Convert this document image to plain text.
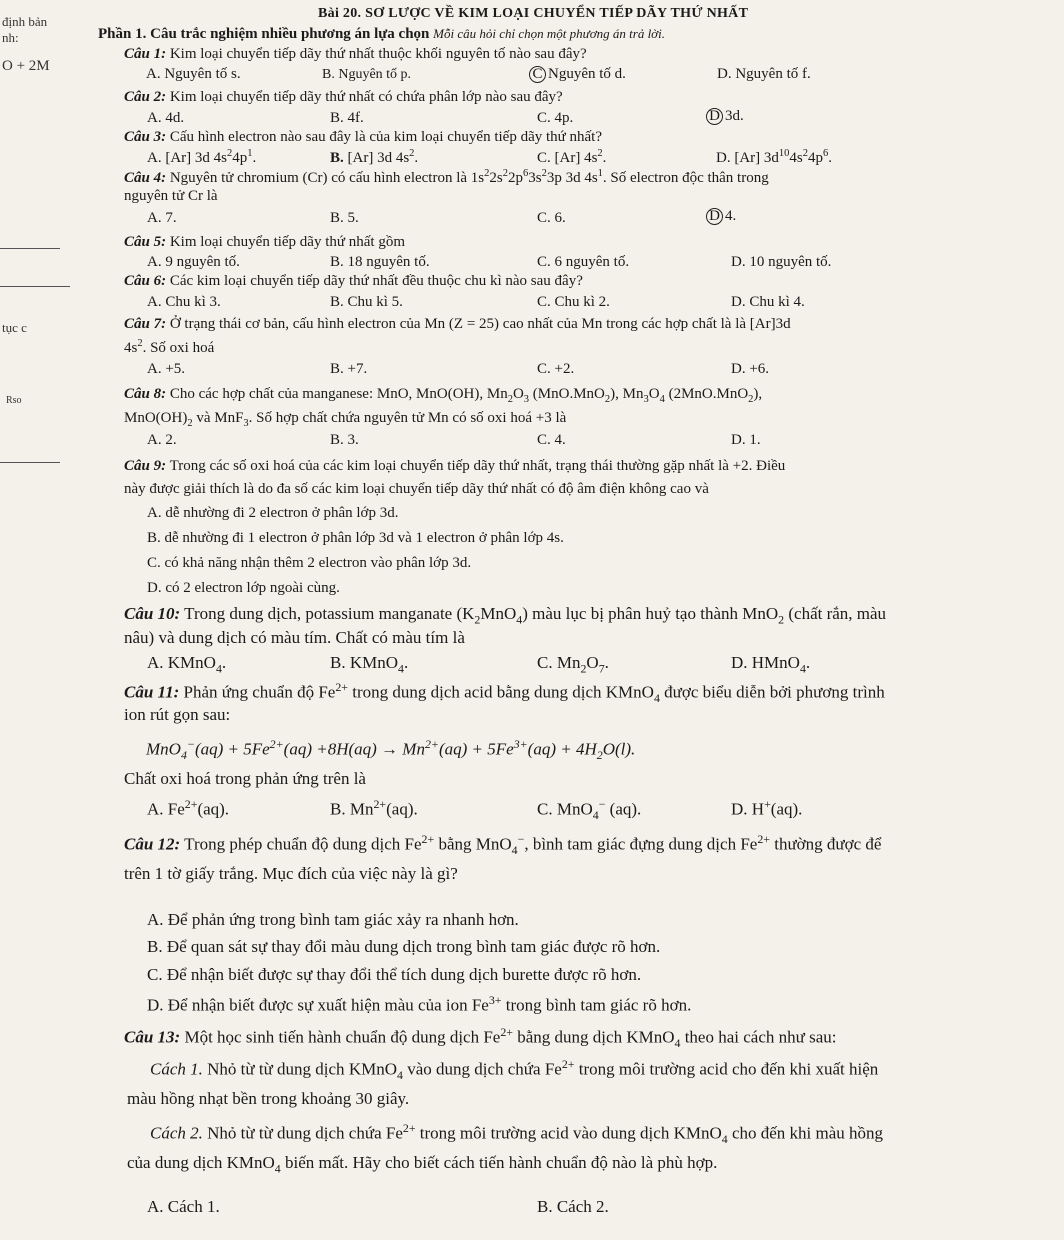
Bài 20. SƠ LƯỢC VỀ KIM LOẠI CHUYỂN TIẾP DÃY THỨ NHẤT
định bản
nh:
O + 2M
tục c
Rso
Phần 1. Câu trắc nghiệm nhiều phương án lựa chọn Mỗi câu hỏi chỉ chọn một phương án trả lời.
Câu 1: Kim loại chuyển tiếp dãy thứ nhất thuộc khối nguyên tố nào sau đây?
A. Nguyên tố s.	B. Nguyên tố p.	C Nguyên tố d.	D. Nguyên tố f.
Câu 2: Kim loại chuyển tiếp dãy thứ nhất có chứa phân lớp nào sau đây?
A. 4d.	B. 4f.	C. 4p.	D 3d.
Câu 3: Cấu hình electron nào sau đây là của kim loại chuyển tiếp dãy thứ nhất?
A. [Ar] 3d $4s^24p^1$.	B. [Ar] 3d $4s^2$.	C. [Ar] $4s^2$.	D. [Ar] $3d^{10}4s^24p^6$.
Câu 4: Nguyên tử chromium (Cr) có cấu hình electron là $1s^22s^22p^63s^23p$ 3d $4s^1$. Số electron độc thân trong
nguyên tử Cr là
A. 7.	B. 5.	C. 6.	D 4.
Câu 5: Kim loại chuyển tiếp dãy thứ nhất gồm
A. 9 nguyên tố.	B. 18 nguyên tố.	C. 6 nguyên tố.	D. 10 nguyên tố.
Câu 6: Các kim loại chuyển tiếp dãy thứ nhất đều thuộc chu kì nào sau đây?
A. Chu kì 3.	B. Chu kì 5.	C. Chu kì 2.	D. Chu kì 4.
Câu 7: Ở trạng thái cơ bản, cấu hình electron của Mn (Z = 25) cao nhất của Mn trong các hợp chất là là [Ar]3d
$4s^2$. Số oxi hoá
A. +5.	B. +7.	C. +2.	D. +6.
Câu 8: Cho các hợp chất của manganese: MnO, MnO(OH), $Mn_2O_3$ (MnO.MnO$_2$), $Mn_3O_4$ (2MnO.MnO$_2$),
$MnO(OH)_2$ và MnF$_3$. Số hợp chất chứa nguyên tử Mn có số oxi hoá +3 là
A. 2.	B. 3.	C. 4.	D. 1.
Câu 9: Trong các số oxi hoá của các kim loại chuyển tiếp dãy thứ nhất, trạng thái thường gặp nhất là +2. Điều
này được giải thích là do đa số các kim loại chuyển tiếp dãy thứ nhất có độ âm điện không cao và
A. dễ nhường đi 2 electron ở phân lớp 3d.
B. dễ nhường đi 1 electron ở phân lớp 3d và 1 electron ở phân lớp 4s.
C. có khả năng nhận thêm 2 electron vào phân lớp 3d.
D. có 2 electron lớp ngoài cùng.
Câu 10: Trong dung dịch, potassium manganate $(K_2MnO_4)$ màu lục bị phân huỷ tạo thành MnO$_2$ (chất rắn, màu
nâu) và dung dịch có màu tím. Chất có màu tím là
A. KMnO$_4$.	B. KMnO$_4$.	C. $Mn_2O_7$.	D. HMnO$_4$.
Câu 11: Phản ứng chuẩn độ $Fe^{2+}$ trong dung dịch acid bằng dung dịch KMnO$_4$ được biểu diễn bởi phương trình
ion rút gọn sau:
$MnO_4^-(aq) + 5Fe^{2+}(aq) +8H(aq) \to Mn^{2+}(aq) + 5Fe^{3+}(aq) + 4H_2O(l)$.
Chất oxi hoá trong phản ứng trên là
A. $Fe^{2+}(aq)$.	B. $Mn^{2+}(aq)$.	C. MnO$_4$− (aq).	D. H+(aq).
Câu 12: Trong phép chuẩn độ dung dịch $Fe^{2+}$ bằng MnO$_4$−, bình tam giác đựng dung dịch $Fe^{2+}$ thường được để
trên 1 tờ giấy trắng. Mục đích của việc này là gì?
A. Để phản ứng trong bình tam giác xảy ra nhanh hơn.
B. Để quan sát sự thay đổi màu dung dịch trong bình tam giác được rõ hơn.
C. Để nhận biết được sự thay đổi thể tích dung dịch burette được rõ hơn.
D. Để nhận biết được sự xuất hiện màu của ion $Fe^{3+}$ trong bình tam giác rõ hơn.
Câu 13: Một học sinh tiến hành chuẩn độ dung dịch $Fe^{2+}$ bằng dung dịch KMnO$_4$ theo hai cách như sau:
Cách 1. Nhỏ từ từ dung dịch KMnO$_4$ vào dung dịch chứa $Fe^{2+}$ trong môi trường acid cho đến khi xuất hiện
màu hồng nhạt bền trong khoảng 30 giây.
Cách 2. Nhỏ từ từ dung dịch chứa $Fe^{2+}$ trong môi trường acid vào dung dịch KMnO$_4$ cho đến khi màu hồng
của dung dịch KMnO$_4$ biến mất. Hãy cho biết cách tiến hành chuẩn độ nào là phù hợp.
A. Cách 1.	B. Cách 2.
